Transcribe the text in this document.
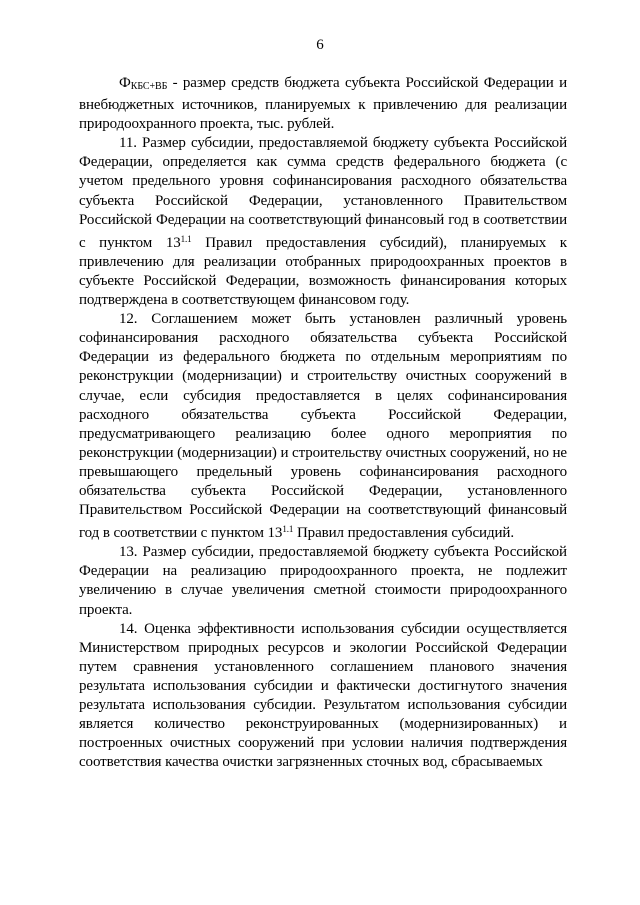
6

$Ф_{КБС+ВБ}$ - размер средств бюджета субъекта Российской Федерации и внебюджетных источников, планируемых к привлечению для реализации природоохранного проекта, тыс. рублей.

11. Размер субсидии, предоставляемой бюджету субъекта Российской Федерации, определяется как сумма средств федерального бюджета (с учетом предельного уровня софинансирования расходного обязательства субъекта Российской Федерации, установленного Правительством Российской Федерации на соответствующий финансовый год в соответствии с пунктом $13^{1.1}$ Правил предоставления субсидий), планируемых к привлечению для реализации отобранных природоохранных проектов в субъекте Российской Федерации, возможность финансирования которых подтверждена в соответствующем финансовом году.

12. Соглашением может быть установлен различный уровень софинансирования расходного обязательства субъекта Российской Федерации из федерального бюджета по отдельным мероприятиям по реконструкции (модернизации) и строительству очистных сооружений в случае, если субсидия предоставляется в целях софинансирования расходного обязательства субъекта Российской Федерации, предусматривающего реализацию более одного мероприятия по реконструкции (модернизации) и строительству очистных сооружений, но не превышающего предельный уровень софинансирования расходного обязательства субъекта Российской Федерации, установленного Правительством Российской Федерации на соответствующий финансовый год в соответствии с пунктом $13^{1.1}$ Правил предоставления субсидий.

13. Размер субсидии, предоставляемой бюджету субъекта Российской Федерации на реализацию природоохранного проекта, не подлежит увеличению в случае увеличения сметной стоимости природоохранного проекта.

14. Оценка эффективности использования субсидии осуществляется Министерством природных ресурсов и экологии Российской Федерации путем сравнения установленного соглашением планового значения результата использования субсидии и фактически достигнутого значения результата использования субсидии. Результатом использования субсидии является количество реконструированных (модернизированных) и построенных очистных сооружений при условии наличия подтверждения соответствия качества очистки загрязненных сточных вод, сбрасываемых
